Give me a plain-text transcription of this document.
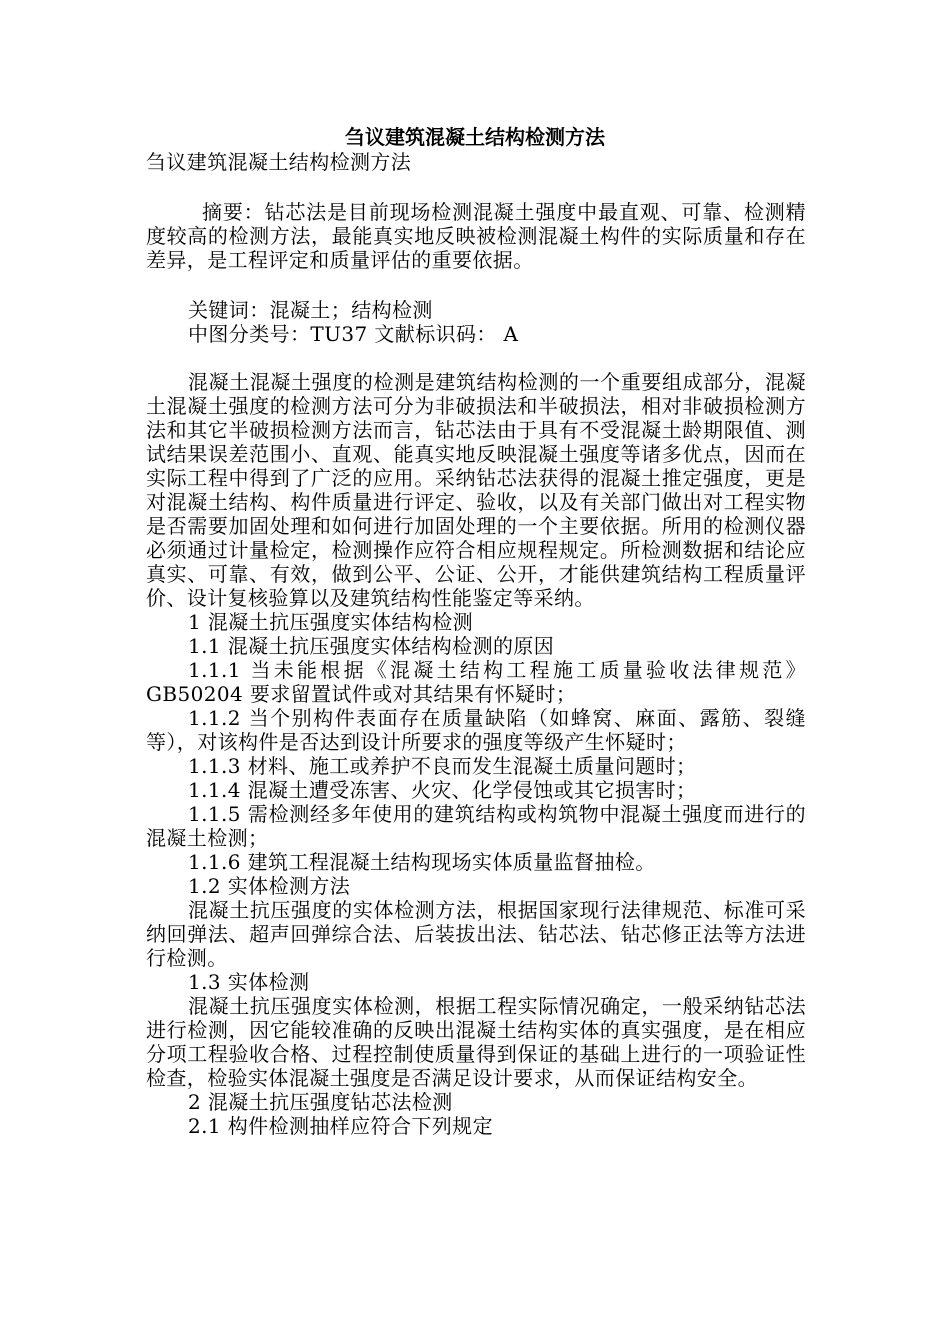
刍议建筑混凝土结构检测方法

刍议建筑混凝土结构检测方法

摘要：钻芯法是目前现场检测混凝土强度中最直观、可靠、检测精度较高的检测方法，最能真实地反映被检测混凝土构件的实际质量和存在差异，是工程评定和质量评估的重要依据。

关键词：混凝土；结构检测

中图分类号：TU37 文献标识码： A

混凝土混凝土强度的检测是建筑结构检测的一个重要组成部分，混凝土混凝土强度的检测方法可分为非破损法和半破损法，相对非破损检测方法和其它半破损检测方法而言，钻芯法由于具有不受混凝土龄期限值、测试结果误差范围小、直观、能真实地反映混凝土强度等诸多优点，因而在实际工程中得到了广泛的应用。采纳钻芯法获得的混凝土推定强度，更是对混凝土结构、构件质量进行评定、验收，以及有关部门做出对工程实物是否需要加固处理和如何进行加固处理的一个主要依据。所用的检测仪器必须通过计量检定，检测操作应符合相应规程规定。所检测数据和结论应真实、可靠、有效，做到公平、公证、公开，才能供建筑结构工程质量评价、设计复核验算以及建筑结构性能鉴定等采纳。

1 混凝土抗压强度实体结构检测

1.1 混凝土抗压强度实体结构检测的原因

1.1.1 当未能根据《混凝土结构工程施工质量验收法律规范》GB50204 要求留置试件或对其结果有怀疑时；

1.1.2 当个别构件表面存在质量缺陷（如蜂窝、麻面、露筋、裂缝等），对该构件是否达到设计所要求的强度等级产生怀疑时；

1.1.3 材料、施工或养护不良而发生混凝土质量问题时；

1.1.4 混凝土遭受冻害、火灾、化学侵蚀或其它损害时；

1.1.5 需检测经多年使用的建筑结构或构筑物中混凝土强度而进行的混凝土检测；

1.1.6 建筑工程混凝土结构现场实体质量监督抽检。

1.2 实体检测方法

混凝土抗压强度的实体检测方法，根据国家现行法律规范、标准可采纳回弹法、超声回弹综合法、后装拔出法、钻芯法、钻芯修正法等方法进行检测。

1.3 实体检测

混凝土抗压强度实体检测，根据工程实际情况确定，一般采纳钻芯法进行检测，因它能较准确的反映出混凝土结构实体的真实强度，是在相应分项工程验收合格、过程控制使质量得到保证的基础上进行的一项验证性检查，检验实体混凝土强度是否满足设计要求，从而保证结构安全。

2 混凝土抗压强度钻芯法检测

2.1 构件检测抽样应符合下列规定
